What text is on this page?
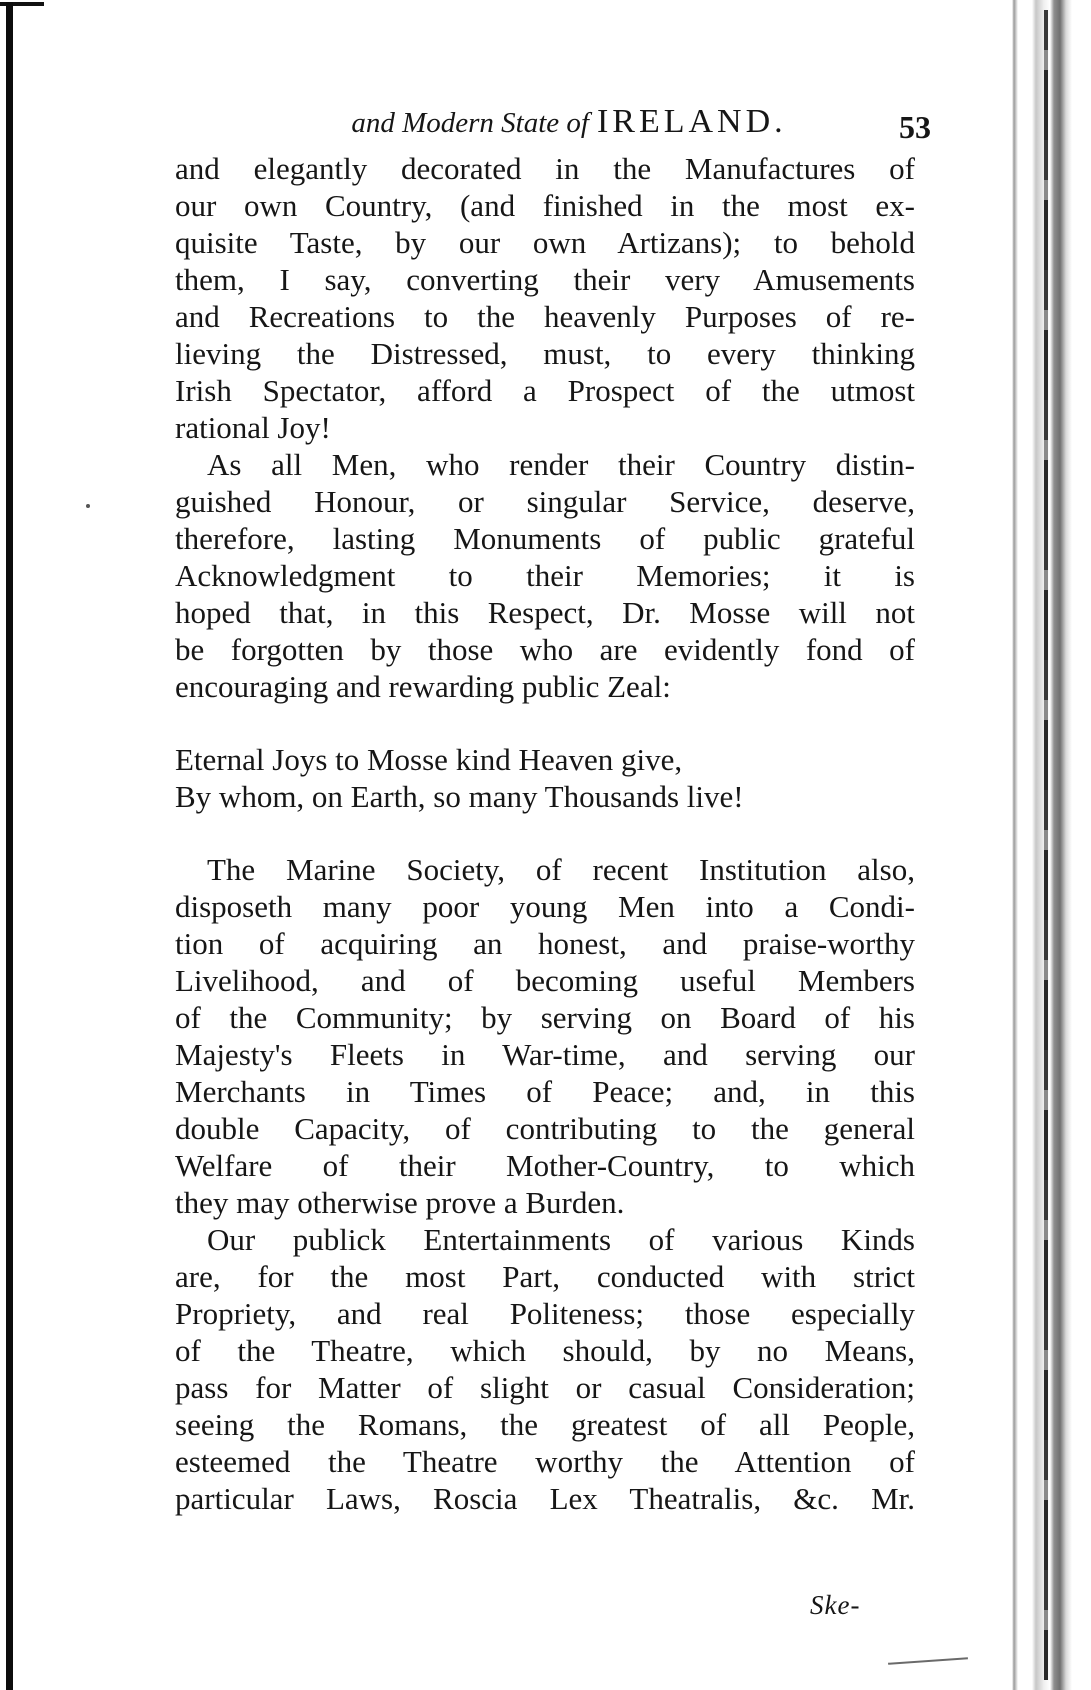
and Modern State of IRELAND.	53
and elegantly decorated in the Manufactures of
our own Country, (and finished in the most ex-
quisite Taste, by our own Artizans); to behold
them, I say, converting their very Amusements
and Recreations to the heavenly Purposes of re-
lieving the Distressed, must, to every thinking
Irish Spectator, afford a Prospect of the utmost
rational Joy!
As all Men, who render their Country distin-
guished Honour, or singular Service, deserve,
therefore, lasting Monuments of public grateful
Acknowledgment to their Memories; it is
hoped that, in this Respect, Dr. Mosse will not
be forgotten by those who are evidently fond of
encouraging and rewarding public Zeal:
Eternal Joys to Mosse kind Heaven give,
By whom, on Earth, so many Thousands live!
The Marine Society, of recent Institution also,
disposeth many poor young Men into a Condi-
tion of acquiring an honest, and praise-worthy
Livelihood, and of becoming useful Members
of the Community; by serving on Board of his
Majesty's Fleets in War-time, and serving our
Merchants in Times of Peace; and, in this
double Capacity, of contributing to the general
Welfare of their Mother-Country, to which
they may otherwise prove a Burden.
Our publick Entertainments of various Kinds
are, for the most Part, conducted with strict
Propriety, and real Politeness; those especially
of the Theatre, which should, by no Means,
pass for Matter of slight or casual Consideration;
seeing the Romans, the greatest of all People,
esteemed the Theatre worthy the Attention of
particular Laws, Roscia Lex Theatralis, &c. Mr.
Ske-
